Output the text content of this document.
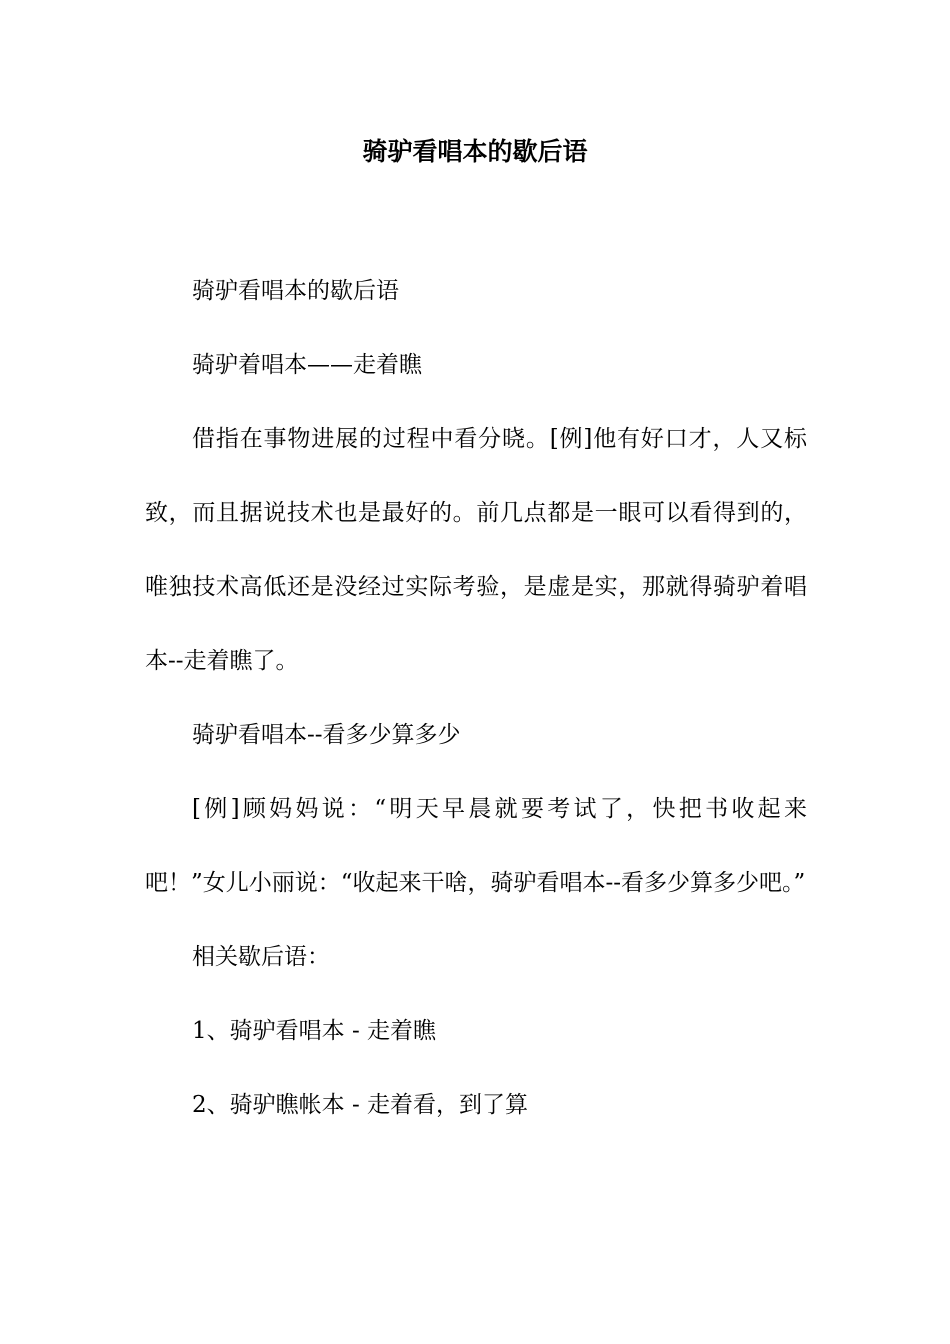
骑驴看唱本的歇后语

骑驴看唱本的歇后语

骑驴着唱本——走着瞧

借指在事物进展的过程中看分晓。[例]他有好口才，人又标致，而且据说技术也是最好的。前几点都是一眼可以看得到的，唯独技术高低还是没经过实际考验，是虚是实，那就得骑驴着唱本--走着瞧了。

骑驴看唱本--看多少算多少

[例]顾妈妈说：“明天早晨就要考试了，快把书收起来吧！”女儿小丽说：“收起来干啥，骑驴看唱本--看多少算多少吧。”

相关歇后语：

1、骑驴看唱本 - 走着瞧

2、骑驴瞧帐本 - 走着看，到了算
